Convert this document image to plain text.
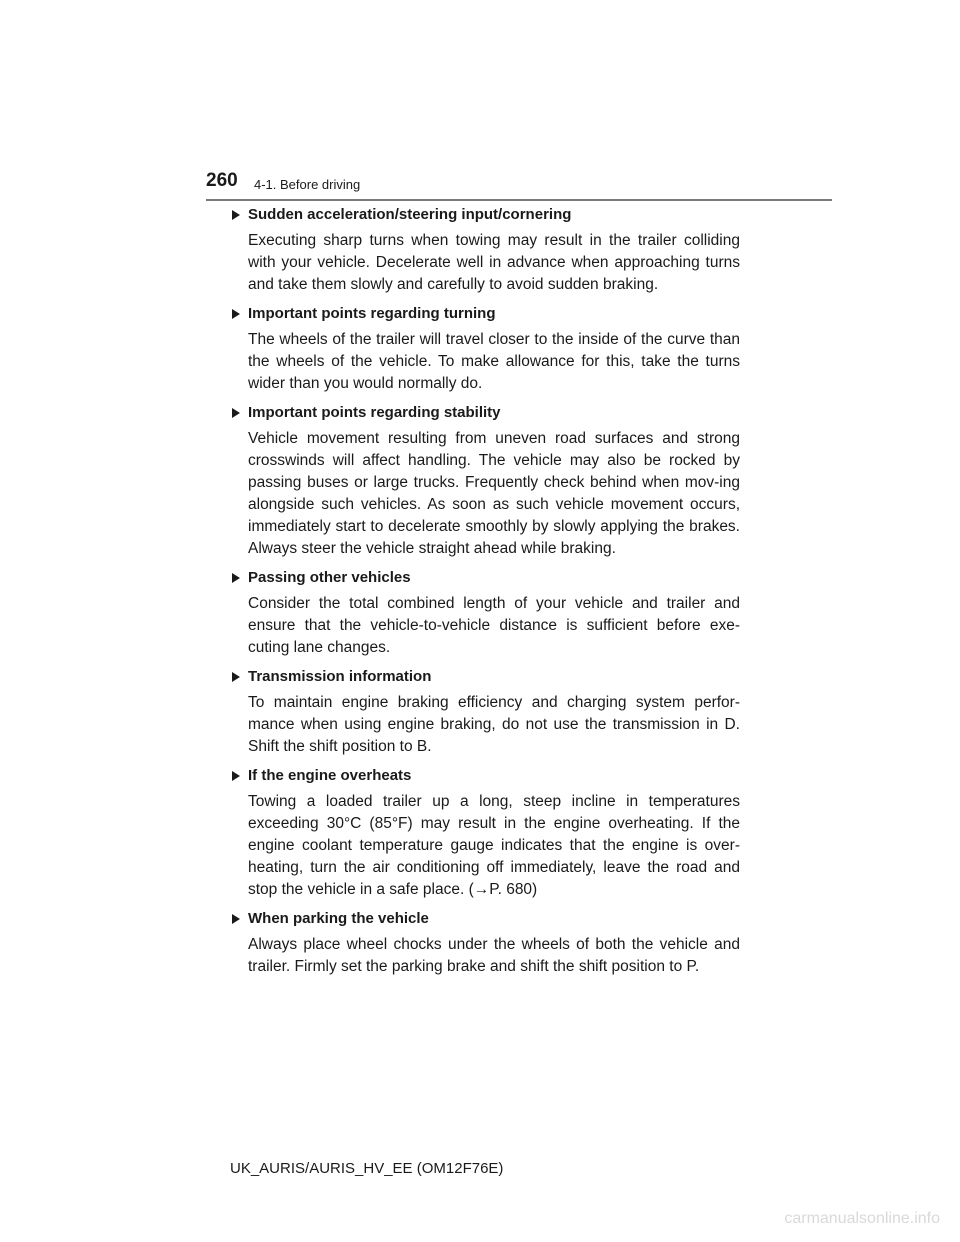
260 4-1. Before driving
Sudden acceleration/steering input/cornering

Executing sharp turns when towing may result in the trailer colliding with your vehicle. Decelerate well in advance when approaching turns and take them slowly and carefully to avoid sudden braking.

Important points regarding turning

The wheels of the trailer will travel closer to the inside of the curve than the wheels of the vehicle. To make allowance for this, take the turns wider than you would normally do.

Important points regarding stability

Vehicle movement resulting from uneven road surfaces and strong crosswinds will affect handling. The vehicle may also be rocked by passing buses or large trucks. Frequently check behind when mov-ing alongside such vehicles. As soon as such vehicle movement occurs, immediately start to decelerate smoothly by slowly applying the brakes. Always steer the vehicle straight ahead while braking.

Passing other vehicles

Consider the total combined length of your vehicle and trailer and ensure that the vehicle-to-vehicle distance is sufficient before exe-cuting lane changes.

Transmission information

To maintain engine braking efficiency and charging system perfor-mance when using engine braking, do not use the transmission in D. Shift the shift position to B.

If the engine overheats

Towing a loaded trailer up a long, steep incline in temperatures exceeding 30°C (85°F) may result in the engine overheating. If the engine coolant temperature gauge indicates that the engine is over-heating, turn the air conditioning off immediately, leave the road and stop the vehicle in a safe place. (→P. 680)

When parking the vehicle

Always place wheel chocks under the wheels of both the vehicle and trailer. Firmly set the parking brake and shift the shift position to P.

UK_AURIS/AURIS_HV_EE (OM12F76E)
carmanualsonline.info
